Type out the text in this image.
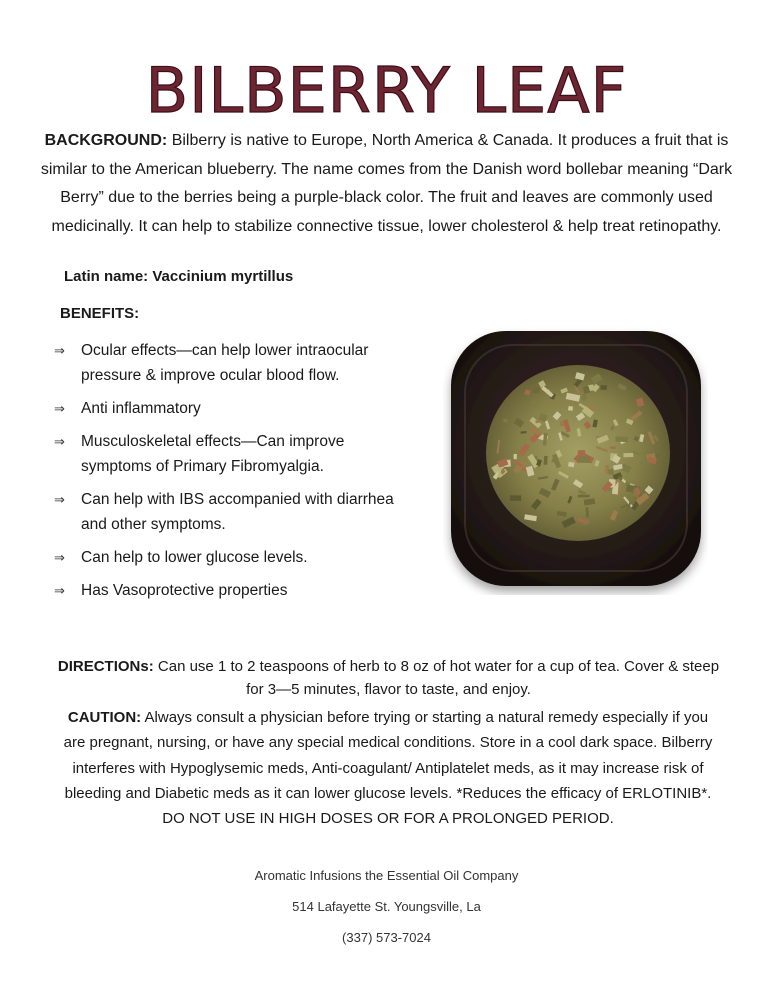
BILBERRY LEAF
BACKGROUND: Bilberry is native to Europe, North America & Canada. It produces a fruit that is similar to the American blueberry. The name comes from the Danish word bollebar meaning “Dark Berry” due to the berries being a purple-black color. The fruit and leaves are commonly used medicinally. It can help to stabilize connective tissue, lower cholesterol & help treat retinopathy.
Latin name: Vaccinium myrtillus
BENEFITS:
⇒ Ocular effects—can help lower intraocular pressure & improve ocular blood flow.
⇒ Anti inflammatory
⇒ Musculoskeletal effects—Can improve symptoms of Primary Fibromyalgia.
⇒ Can help with IBS accompanied with diarrhea and other symptoms.
⇒ Can help to lower glucose levels.
⇒ Has Vasoprotective properties
DIRECTIONs: Can use 1 to 2 teaspoons of herb to 8 oz of hot water for a cup of tea. Cover & steep for 3—5 minutes, flavor to taste, and enjoy.
CAUTION: Always consult a physician before trying or starting a natural remedy especially if you are pregnant, nursing, or have any special medical conditions. Store in a cool dark space. Bilberry interferes with Hypoglysemic meds, Anti-coagulant/ Antiplatelet meds, as it may increase risk of bleeding and Diabetic meds as it can lower glucose levels. *Reduces the efficacy of ERLOTINIB*. DO NOT USE IN HIGH DOSES OR FOR A PROLONGED PERIOD.
Aromatic Infusions the Essential Oil Company
514 Lafayette St. Youngsville, La
(337) 573-7024
